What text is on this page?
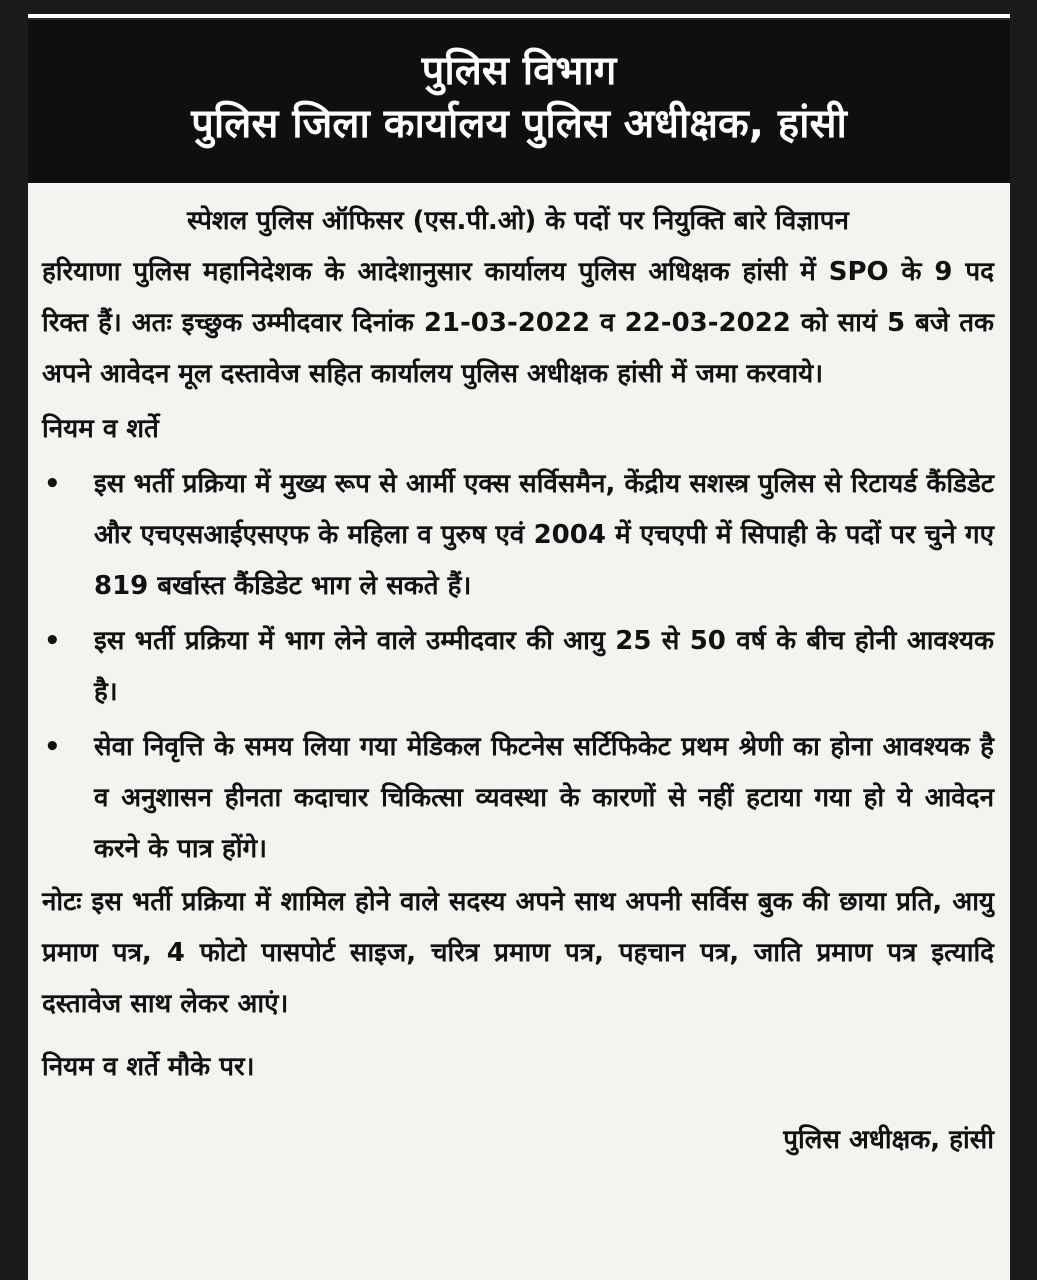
पुलिस विभाग
पुलिस जिला कार्यालय पुलिस अधीक्षक, हांसी
स्पेशल पुलिस ऑफिसर (एस.पी.ओ) के पदों पर नियुक्ति बारे विज्ञापन
हरियाणा पुलिस महानिदेशक के आदेशानुसार कार्यालय पुलिस अधिक्षक हांसी में SPO के 9 पद रिक्त हैं। अतः इच्छुक उम्मीदवार दिनांक 21-03-2022 व 22-03-2022 को सायं 5 बजे तक अपने आवेदन मूल दस्तावेज सहित कार्यालय पुलिस अधीक्षक हांसी में जमा करवाये।
नियम व शर्ते
• इस भर्ती प्रक्रिया में मुख्य रूप से आर्मी एक्स सर्विसमैन, केंद्रीय सशस्त्र पुलिस से रिटायर्ड कैंडिडेट और एचएसआईएसएफ के महिला व पुरुष एवं 2004 में एचएपी में सिपाही के पदों पर चुने गए 819 बर्खास्त कैंडिडेट भाग ले सकते हैं।
• इस भर्ती प्रक्रिया में भाग लेने वाले उम्मीदवार की आयु 25 से 50 वर्ष के बीच होनी आवश्यक है।
• सेवा निवृत्ति के समय लिया गया मेडिकल फिटनेस सर्टिफिकेट प्रथम श्रेणी का होना आवश्यक है व अनुशासन हीनता कदाचार चिकित्सा व्यवस्था के कारणों से नहीं हटाया गया हो ये आवेदन करने के पात्र होंगे।
नोटः इस भर्ती प्रक्रिया में शामिल होने वाले सदस्य अपने साथ अपनी सर्विस बुक की छाया प्रति, आयु प्रमाण पत्र, 4 फोटो पासपोर्ट साइज, चरित्र प्रमाण पत्र, पहचान पत्र, जाति प्रमाण पत्र इत्यादि दस्तावेज साथ लेकर आएं।
नियम व शर्ते मौके पर।
पुलिस अधीक्षक, हांसी
